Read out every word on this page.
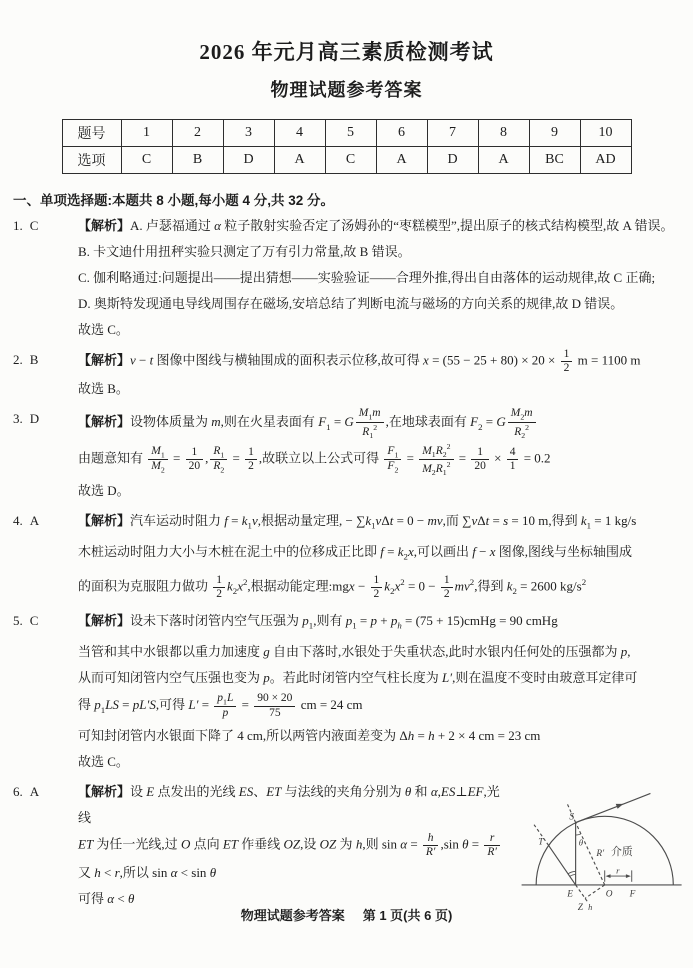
2026 年元月高三素质检测考试
物理试题参考答案
题号	1	2	3	4	5	6	7	8	9	10
选项	C	B	D	A	C	A	D	A	BC	AD
一、单项选择题:本题共 8 小题,每小题 4 分,共 32 分。
1. C	【解析】A. 卢瑟福通过 α 粒子散射实验否定了汤姆孙的“枣糕模型”,提出原子的核式结构模型,故 A 错误。
B. 卡文迪什用扭秤实验只测定了万有引力常量,故 B 错误。
C. 伽利略通过:问题提出——提出猜想——实验验证——合理外推,得出自由落体的运动规律,故 C 正确;
D. 奥斯特发现通电导线周围存在磁场,安培总结了判断电流与磁场的方向关系的规律,故 D 错误。
故选 C。
2. B	【解析】v − t 图像中图线与横轴围成的面积表示位移,故可得 $x = (55 - 25 + 80) \times 20 \times \frac{1}{2}$ m = 1100 m
故选 B。
3. D	【解析】设物体质量为 m,则在火星表面有 $F_1 = G \frac{M_1m}{R_1^2}$ ,在地球表面有 $F_2 = G \frac{M_2m}{R_2^2}$
由题意知有 $\frac{M_1}{M_2} = \frac{1}{20}$ , $\frac{R_1}{R_2} = \frac{1}{2}$ ,故联立以上公式可得 $\frac{F_1}{F_2} = \frac{M_1R_2^2}{M_2R_1^2} = \frac{1}{20} \times \frac{4}{1} = 0.2$
故选 D。
4. A	【解析】汽车运动时阻力 $f = k_1v$,根据动量定理, − $\sum k_1v\Delta t = 0$ − mv,而 ∑vΔt = s = 10 m,得到 $k_1 = 1$ kg/s
木桩运动时阻力大小与木桩在泥土中的位移成正比即 $f = k_2x$,可以画出 f − x 图像,图线与坐标轴围成
的面积为克服阻力做功 $\frac{1}{2} k_2x^2$,根据动能定理:mgx − $\frac{1}{2} k_2x^2 = 0 - \frac{1}{2} mv^2$,得到 $k_2 = 2600$ $kg/s^2$
5. C	【解析】设未下落时闭管内空气压强为 $p_1$,则有 $p_1 = p + p_h = (75$ + 15)cmHg = 90 cmHg
当管和其中水银都以重力加速度 g 自由下落时,水银处于失重状态,此时水银内任何处的压强都为 p,
从而可知闭管内空气压强也变为 p。若此时闭管内空气柱长度为 L′,则在温度不变时由玻意耳定律可
得 $p_1LS = pL'S$,可得 $L' = \frac{p_1L}{p} = \frac{90 \times 20}{75}$ cm = 24 cm
可知封闭管内水银面下降了 4 cm,所以两管内液面差变为 Δh = h + 2 × 4 cm = 23 cm
故选 C。
6. A
S
T
E	O F
Z h
R′
θ
r
介质
【解析】设 E 点发出的光线 ES、ET 与法线的夹角分别为 θ 和 α,ES⊥EF,光线
ET 为任一光线,过 O 点向 ET 作垂线 OZ,设 OZ 为 h,则 $\sin \alpha = \frac{h}{R'} ,\sin$ $\theta = \frac{r}{R'}$
又 h < r,所以 sin α < sin θ
可得 α < θ
物理试题参考答案 第 1 页(共 6 页)
